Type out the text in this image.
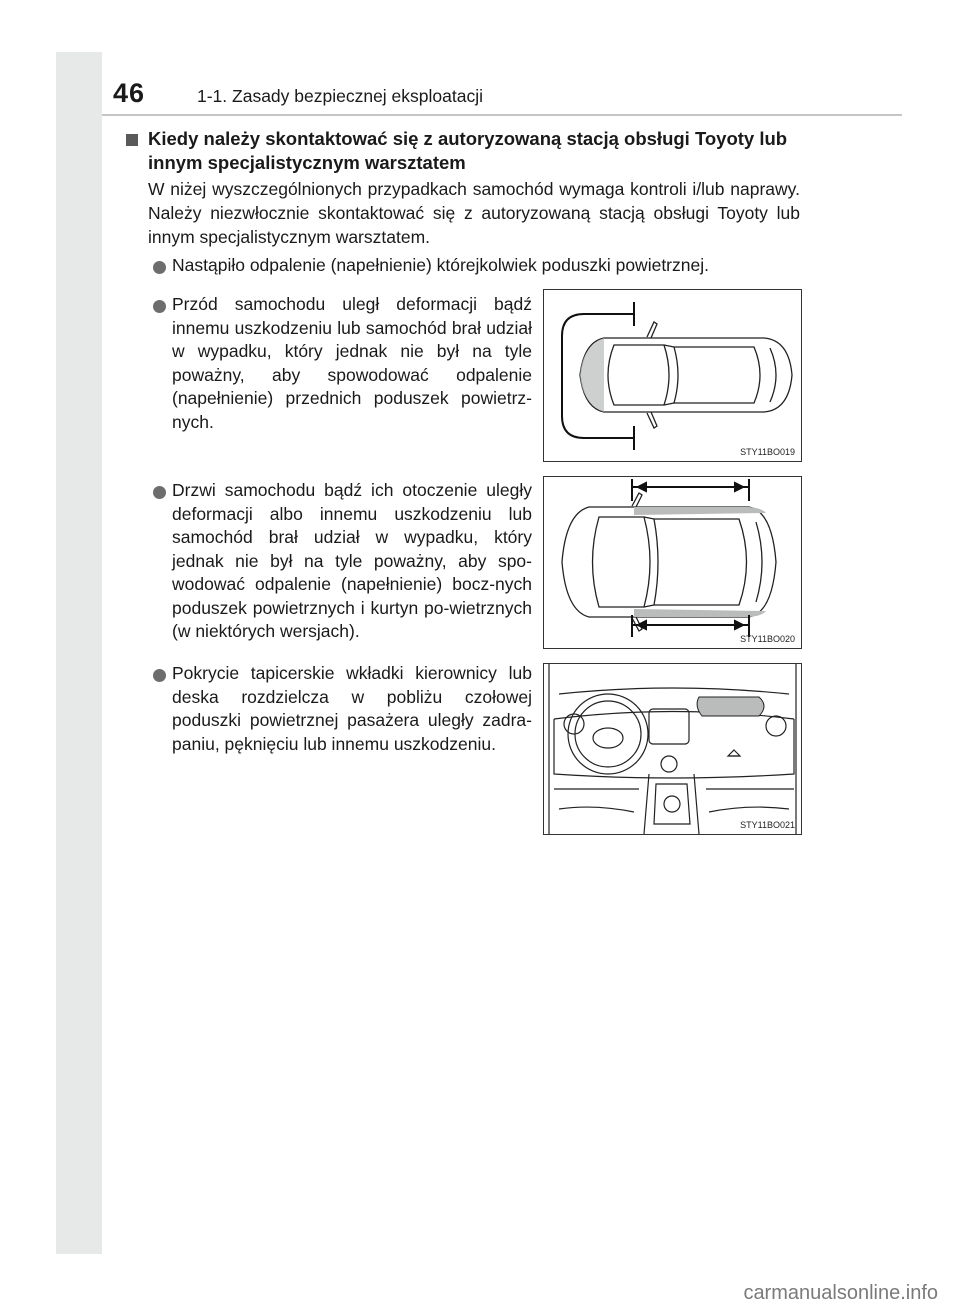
46	1-1. Zasady bezpiecznej eksploatacji
Kiedy należy skontaktować się z autoryzowaną stacją obsługi Toyoty lub innym specjalistycznym warsztatem
W niżej wyszczególnionych przypadkach samochód wymaga kontroli i/lub naprawy. Należy niezwłocznie skontaktować się z autoryzowaną stacją obsługi Toyoty lub innym specjalistycznym warsztatem.
Nastąpiło odpalenie (napełnienie) którejkolwiek poduszki powietrznej.
Przód samochodu uległ deformacji bądź innemu uszkodzeniu lub samochód brał udział w wypadku, który jednak nie był na tyle poważny, aby spowodować odpalenie (napełnienie) przednich poduszek powietrz-nych.
STY11BO019
Drzwi samochodu bądź ich otoczenie uległy deformacji albo innemu uszkodzeniu lub samochód brał udział w wypadku, który jednak nie był na tyle poważny, aby spo-wodować odpalenie (napełnienie) bocz-nych poduszek powietrznych i kurtyn po-wietrznych (w niektórych wersjach).	STY11BO020
Pokrycie tapicerskie wkładki kierownicy lub deska rozdzielcza w pobliżu czołowej poduszki powietrznej pasażera uległy zadra-paniu, pęknięciu lub innemu uszkodzeniu.
STY11BO021
carmanualsonline.info
